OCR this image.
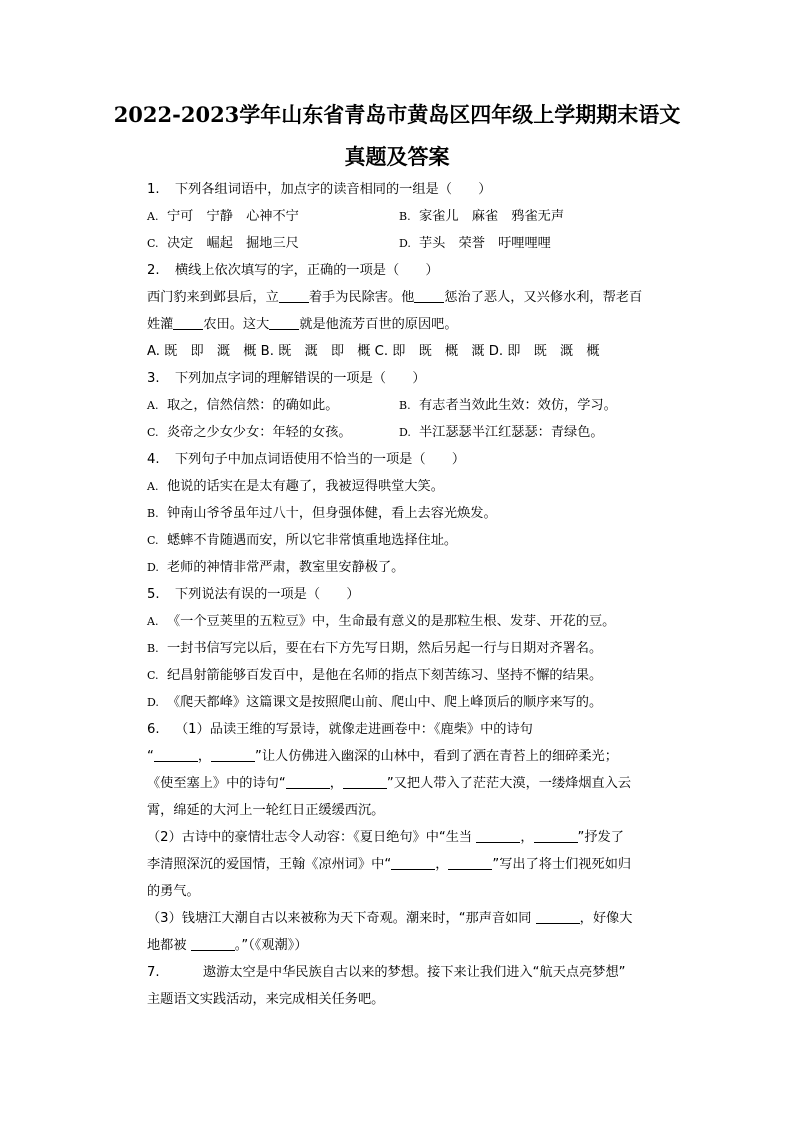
2022-2023学年山东省青岛市黄岛区四年级上学期期末语文
真题及答案
1. 下列各组词语中，加点字的读音相同的一组是（　　）
A. 宁可　宁静　心神不宁	B. 家雀儿　麻雀　鸦雀无声
C. 决定　崛起　掘地三尺	D. 芋头　荣誉　吁哩哩哩
2. 横线上依次填写的字，正确的一项是（　　）
西门豹来到邺县后，立 着手为民除害。他 惩治了恶人，又兴修水利，帮老百
姓灌 农田。这大 就是他流芳百世的原因吧。
A. 既　即　溉　概 B. 既　溉　即　概 C. 即　既　概　溉 D. 即　既　溉　概
3. 下列加点字词的理解错误的一项是（　　）
A. 取之，信然信然：的确如此。	B. 有志者当效此生效：效仿，学习。
C. 炎帝之少女少女：年轻的女孩。	D. 半江瑟瑟半江红瑟瑟：青绿色。
4. 下列句子中加点词语使用不恰当的一项是（　　）
A. 他说的话实在是太有趣了，我被逗得哄堂大笑。
B. 钟南山爷爷虽年过八十，但身强体健，看上去容光焕发。
C. 蟋蟀不肯随遇而安，所以它非常慎重地选择住址。
D. 老师的神情非常严肃，教室里安静极了。
5. 下列说法有误的一项是（　　）
A. 《一个豆荚里的五粒豆》中，生命最有意义的是那粒生根、发芽、开花的豆。
B. 一封书信写完以后，要在右下方先写日期，然后另起一行与日期对齐署名。
C. 纪昌射箭能够百发百中，是他在名师的指点下刻苦练习、坚持不懈的结果。
D. 《爬天都峰》这篇课文是按照爬山前、爬山中、爬上峰顶后的顺序来写的。
6. （1）品读王维的写景诗，就像走进画卷中：《鹿柴》中的诗句
“	，	”让人仿佛进入幽深的山林中，看到了洒在青苔上的细碎柔光；
《使至塞上》中的诗句“	，	”又把人带入了茫茫大漠，一缕烽烟直入云
霄，绵延的大河上一轮红日正缓缓西沉。
（2）古诗中的豪情壮志令人动容：《夏日绝句》中“生当	，	”抒发了
李清照深沉的爱国情，王翰《凉州词》中“	，	”写出了将士们视死如归
的勇气。
（3）钱塘江大潮自古以来被称为天下奇观。潮来时，“那声音如同	，好像大
地都被	。”（《观潮》）
7.	遨游太空是中华民族自古以来的梦想。接下来让我们进入“航天点亮梦想”
主题语文实践活动，来完成相关任务吧。
